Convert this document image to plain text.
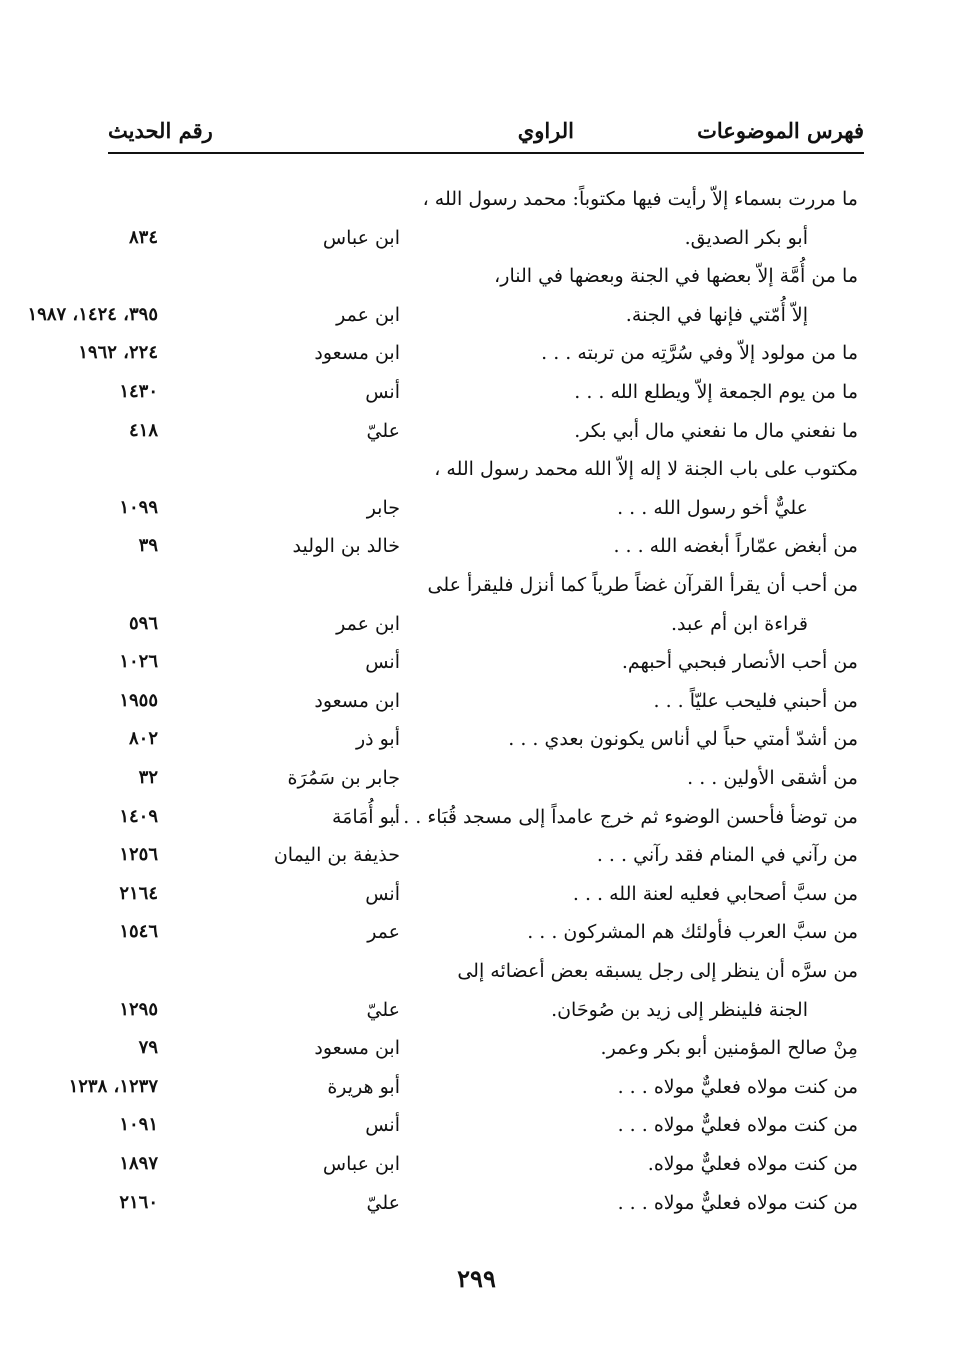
فهرس الموضوعات
الراوي
رقم الحديث
ما مررت بسماء إلاّ رأيت فيها مكتوباً: محمد رسول الله ،
أبو بكر الصديق.
ابن عباس
٨٣٤
ما من أُمَّة إلاّ بعضها في الجنة وبعضها في النار،
إلاّ أُمّتي فإنها في الجنة.
ابن عمر
٣٩٥، ١٤٢٤، ١٩٨٧
ما من مولود إلاّ وفي سُرَّتِه من تربته . . .
ابن مسعود
٢٢٤، ١٩٦٢
ما من يوم الجمعة إلاّ ويطلع الله . . .
أنس
١٤٣٠
ما نفعني مال ما نفعني مال أبي بكر.
عليّ
٤١٨
مكتوب على باب الجنة لا إله إلاّ الله محمد رسول الله ،
عليٌّ أخو رسول الله . . .
جابر
١٠٩٩
من أبغض عمّاراً أبغضه الله . . .
خالد بن الوليد
٣٩
من أحب أن يقرأ القرآن غضاً طرياً كما أنزل فليقرأ على
قراءة ابن أم عبد.
ابن عمر
٥٩٦
من أحب الأنصار فبحبي أحبهم.
أنس
١٠٢٦
من أحبني فليحب عليّاً . . .
ابن مسعود
١٩٥٥
من أشدّ أمتي حباً لي أناس يكونون بعدي . . .
أبو ذر
٨٠٢
من أشقى الأولين . . .
جابر بن سَمُرَة
٣٢
من توضأ فأحسن الوضوء ثم خرج عامداً إلى مسجد قُبَاء . . .
أبو أُمَامَة
١٤٠٩
من رآني في المنام فقد رآني . . .
حذيفة بن اليمان
١٢٥٦
من سبَّ أصحابي فعليه لعنة الله . . .
أنس
٢١٦٤
من سبَّ العرب فأولئك هم المشركون . . .
عمر
١٥٤٦
من سرَّه أن ينظر إلى رجل يسبقه بعض أعضائه إلى
الجنة فلينظر إلى زيد بن صُوحَان.
عليّ
١٢٩٥
مِنْ صالح المؤمنين أبو بكر وعمر.
ابن مسعود
٧٩
من كنت مولاه فعليٌّ مولاه . . .
أبو هريرة
١٢٣٧، ١٢٣٨
من كنت مولاه فعليٌّ مولاه . . .
أنس
١٠٩١
من كنت مولاه فعليٌّ مولاه.
ابن عباس
١٨٩٧
من كنت مولاه فعليٌّ مولاه . . .
عليّ
٢١٦٠
٢٩٩
